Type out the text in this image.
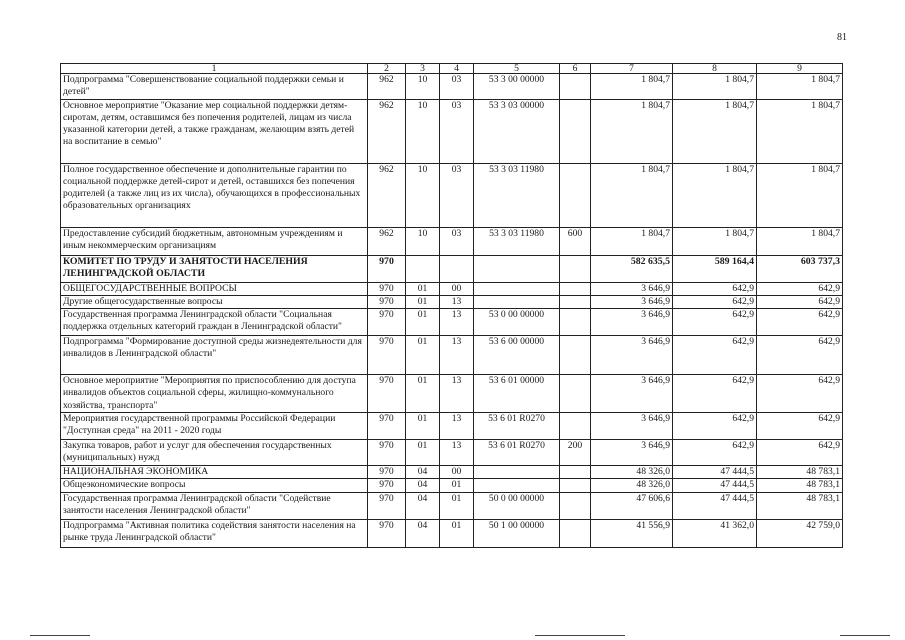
81
1	2	3	4	5	6	7	8	9
Подпрограмма "Совершенствование социальной поддержки семьи и детей"	962	10	03	53 3 00 00000		1 804,7	1 804,7	1 804,7
Основное мероприятие "Оказание мер социальной поддержки детям-сиротам, детям, оставшимся без попечения родителей, лицам из числа указанной категории детей, а также гражданам, желающим взять детей на воспитание в семью"	962	10	03	53 3 03 00000		1 804,7	1 804,7	1 804,7
Полное государственное обеспечение и дополнительные гарантии по социальной поддержке детей-сирот и детей, оставшихся без попечения родителей (а также лиц из их числа), обучающихся в профессиональных образовательных организациях	962	10	03	53 3 03 11980		1 804,7	1 804,7	1 804,7
Предоставление субсидий бюджетным, автономным учреждениям и иным некоммерческим организациям	962	10	03	53 3 03 11980	600	1 804,7	1 804,7	1 804,7
КОМИТЕТ ПО ТРУДУ И ЗАНЯТОСТИ НАСЕЛЕНИЯ ЛЕНИНГРАДСКОЙ ОБЛАСТИ	970					582 635,5	589 164,4	603 737,3
ОБЩЕГОСУДАРСТВЕННЫЕ ВОПРОСЫ	970	01	00			3 646,9	642,9	642,9
Другие общегосударственные вопросы	970	01	13			3 646,9	642,9	642,9
Государственная программа Ленинградской области "Социальная поддержка отдельных категорий граждан в Ленинградской области"	970	01	13	53 0 00 00000		3 646,9	642,9	642,9
Подпрограмма "Формирование доступной среды жизнедеятельности для инвалидов в Ленинградской области"	970	01	13	53 6 00 00000		3 646,9	642,9	642,9
Основное мероприятие "Мероприятия по приспособлению для доступа инвалидов объектов социальной сферы, жилищно-коммунального хозяйства, транспорта"	970	01	13	53 6 01 00000		3 646,9	642,9	642,9
Мероприятия государственной программы Российской Федерации "Доступная среда" на 2011 - 2020 годы	970	01	13	53 6 01 R0270		3 646,9	642,9	642,9
Закупка товаров, работ и услуг для обеспечения государственных (муниципальных) нужд	970	01	13	53 6 01 R0270	200	3 646,9	642,9	642,9
НАЦИОНАЛЬНАЯ ЭКОНОМИКА	970	04	00			48 326,0	47 444,5	48 783,1
Общеэкономические вопросы	970	04	01			48 326,0	47 444,5	48 783,1
Государственная программа Ленинградской области "Содействие занятости населения Ленинградской области"	970	04	01	50 0 00 00000		47 606,6	47 444,5	48 783,1
Подпрограмма "Активная политика содействия занятости населения на рынке труда Ленинградской области"	970	04	01	50 1 00 00000		41 556,9	41 362,0	42 759,0
